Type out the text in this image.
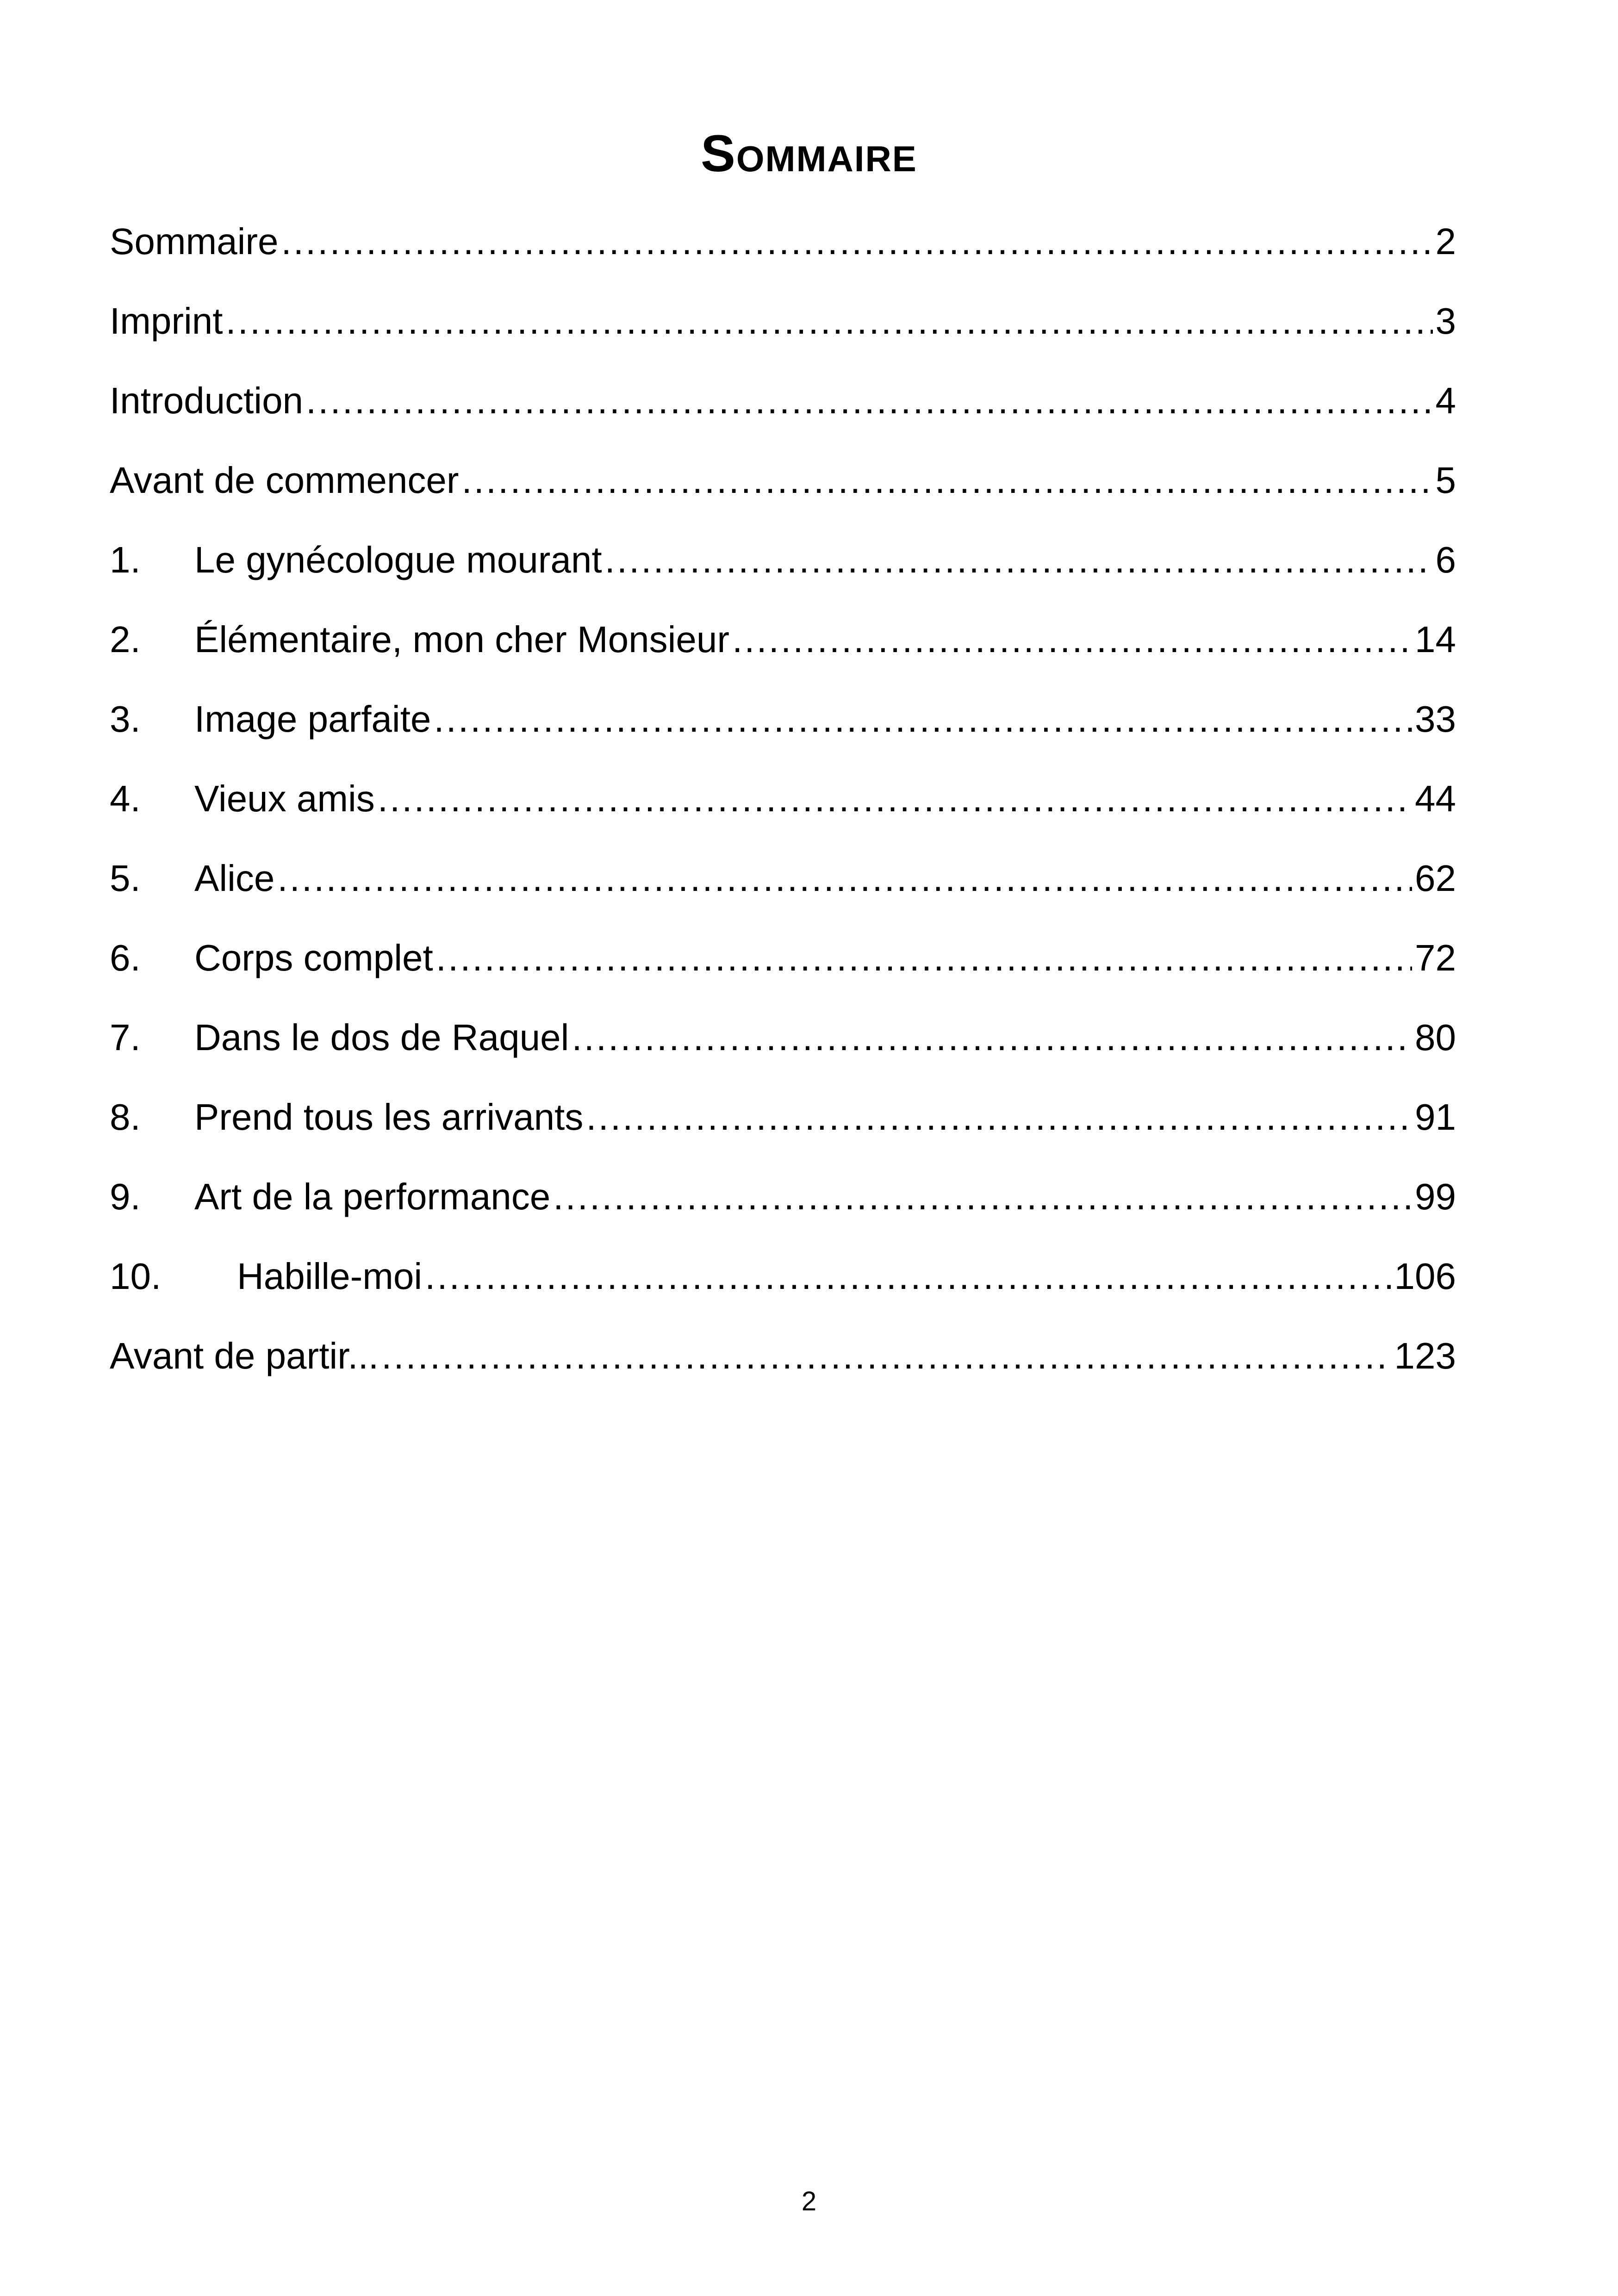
Sommaire
Sommaire .....	2
Imprint .....	3
Introduction .....	4
Avant de commencer .....	5
1.	Le gynécologue mourant .....	6
2.	Élémentaire, mon cher Monsieur .....	14
3.	Image parfaite .....	33
4.	Vieux amis .....	44
5.	Alice .....	62
6.	Corps complet .....	72
7.	Dans le dos de Raquel .....	80
8.	Prend tous les arrivants .....	91
9.	Art de la performance .....	99
10.	Habille-moi .....	106
Avant de partir... .....	123
2
